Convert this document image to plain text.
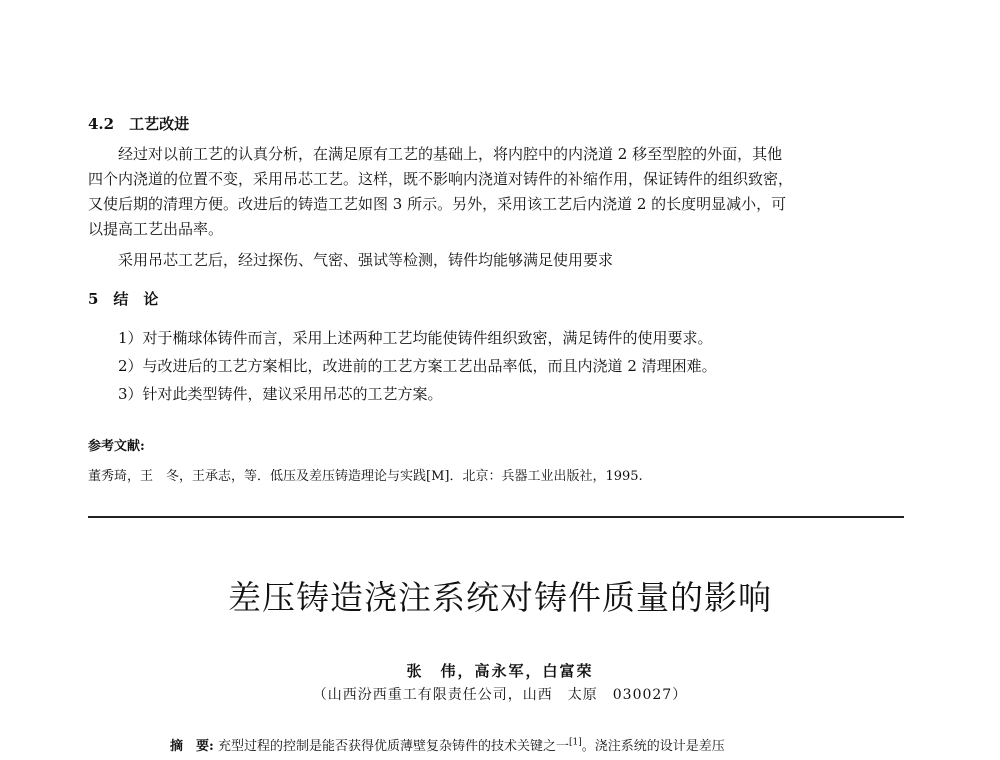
4.2　工艺改进
经过对以前工艺的认真分析，在满足原有工艺的基础上，将内腔中的内浇道 2 移至型腔的外面，其他
四个内浇道的位置不变，采用吊芯工艺。这样，既不影响内浇道对铸件的补缩作用，保证铸件的组织致密，
又使后期的清理方便。改进后的铸造工艺如图 3 所示。另外，采用该工艺后内浇道 2 的长度明显减小，可
以提高工艺出品率。
采用吊芯工艺后，经过探伤、气密、强试等检测，铸件均能够满足使用要求
5　结　论
1）对于椭球体铸件而言，采用上述两种工艺均能使铸件组织致密，满足铸件的使用要求。
2）与改进后的工艺方案相比，改进前的工艺方案工艺出品率低，而且内浇道 2 清理困难。
3）针对此类型铸件，建议采用吊芯的工艺方案。
参考文献:
董秀琦，王　冬，王承志，等．低压及差压铸造理论与实践[M]．北京：兵器工业出版社，1995.
差压铸造浇注系统对铸件质量的影响
张　伟，高永军，白富荣
（山西汾西重工有限责任公司，山西　太原　030027）
摘　要: 充型过程的控制是能否获得优质薄壁复杂铸件的技术关键之一[1]。浇注系统的设计是差压
